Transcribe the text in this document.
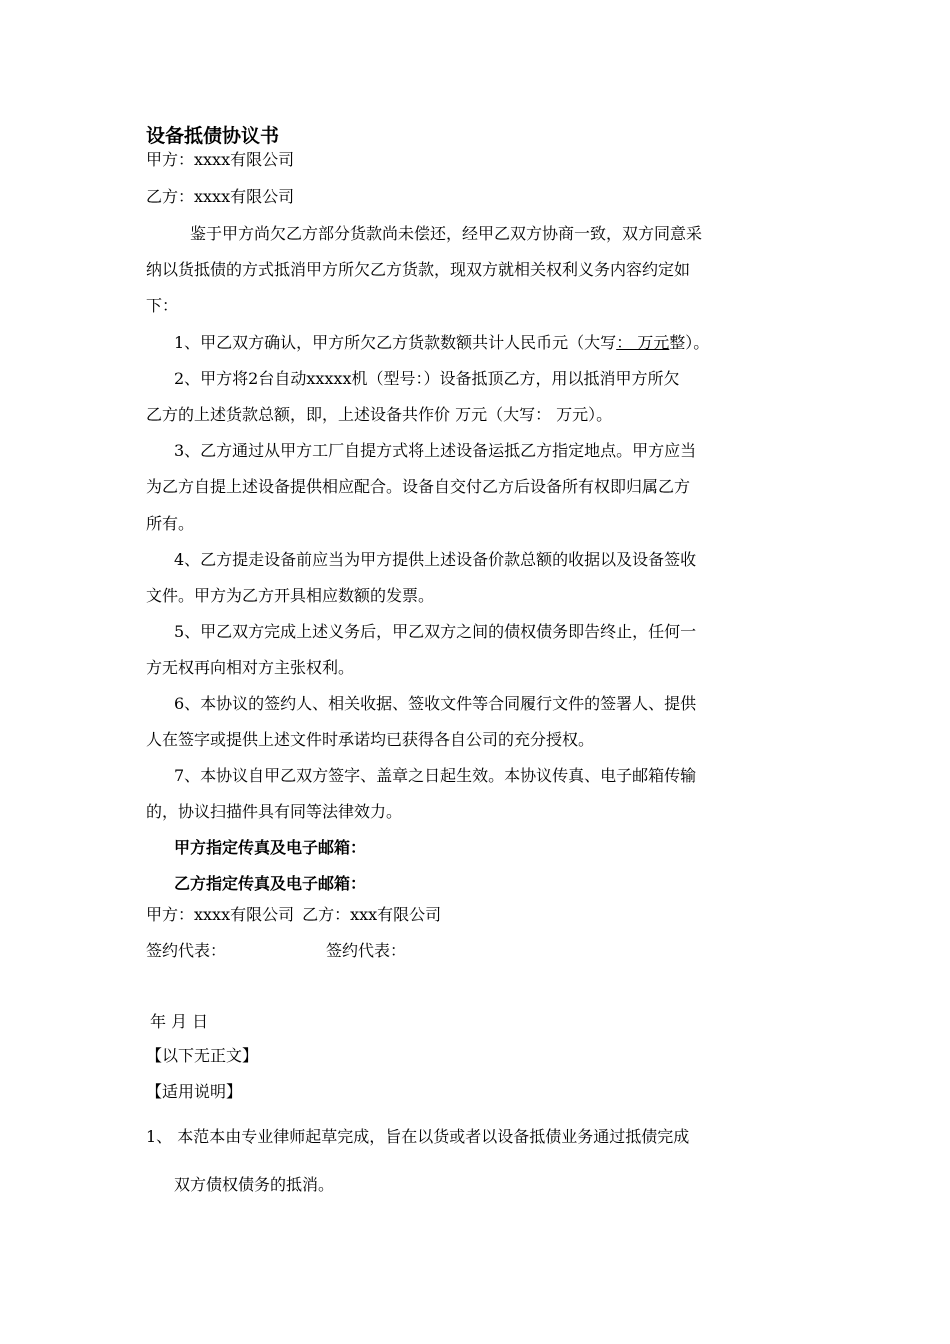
设备抵债协议书
甲方：xxxx有限公司
乙方：xxxx有限公司
鉴于甲方尚欠乙方部分货款尚未偿还，经甲乙双方协商一致，双方同意采
纳以货抵债的方式抵消甲方所欠乙方货款，现双方就相关权利义务内容约定如
下：
1、甲乙双方确认，甲方所欠乙方货款数额共计人民币元（大写： 万元整）。
2、甲方将2台自动xxxxx机（型号：）设备抵顶乙方，用以抵消甲方所欠
乙方的上述货款总额，即，上述设备共作价 万元（大写： 万元）。
3、乙方通过从甲方工厂自提方式将上述设备运抵乙方指定地点。甲方应当
为乙方自提上述设备提供相应配合。设备自交付乙方后设备所有权即归属乙方
所有。
4、乙方提走设备前应当为甲方提供上述设备价款总额的收据以及设备签收
文件。甲方为乙方开具相应数额的发票。
5、甲乙双方完成上述义务后，甲乙双方之间的债权债务即告终止，任何一
方无权再向相对方主张权利。
6、本协议的签约人、相关收据、签收文件等合同履行文件的签署人、提供
人在签字或提供上述文件时承诺均已获得各自公司的充分授权。
7、本协议自甲乙双方签字、盖章之日起生效。本协议传真、电子邮箱传输
的，协议扫描件具有同等法律效力。
甲方指定传真及电子邮箱：
乙方指定传真及电子邮箱：
甲方：xxxx有限公司 乙方：xxx有限公司
签约代表：	签约代表：
年 月 日
【以下无正文】
【适用说明】
1、 本范本由专业律师起草完成，旨在以货或者以设备抵债业务通过抵债完成
双方债权债务的抵消。
